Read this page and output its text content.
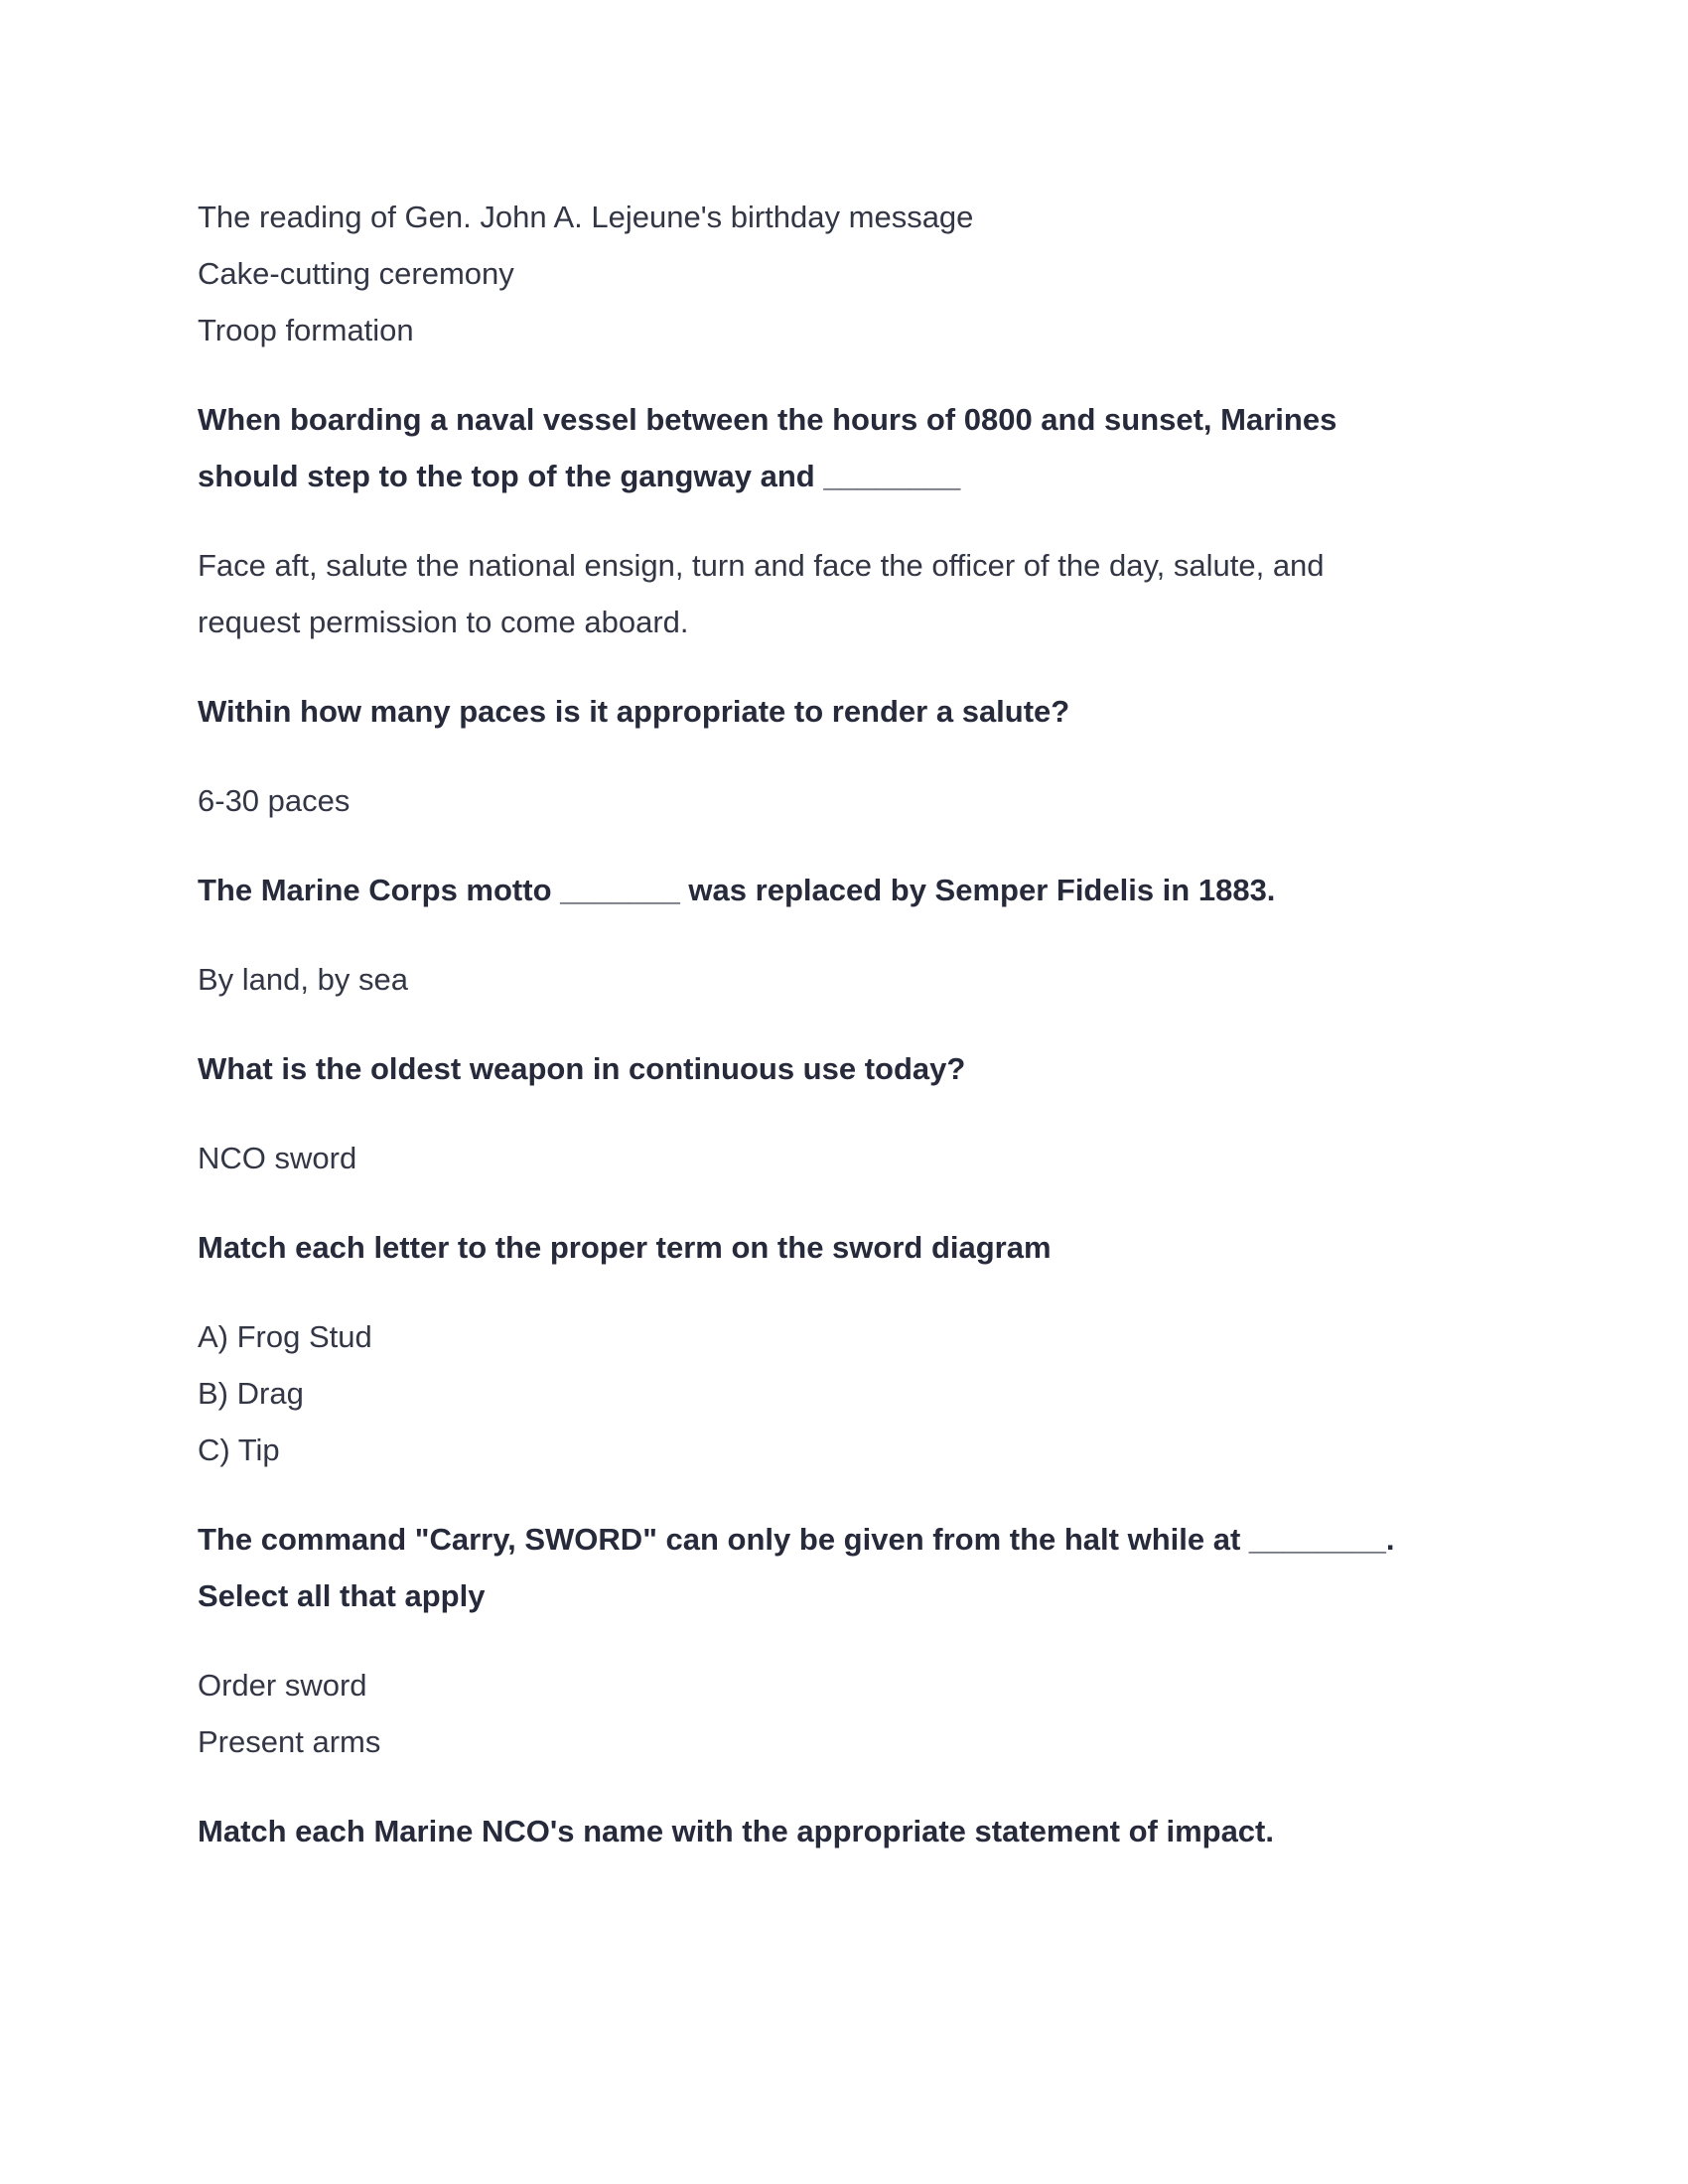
The reading of Gen. John A. Lejeune's birthday message
Cake-cutting ceremony
Troop formation
When boarding a naval vessel between the hours of 0800 and sunset, Marines
should step to the top of the gangway and ________
Face aft, salute the national ensign, turn and face the officer of the day, salute, and
request permission to come aboard.
Within how many paces is it appropriate to render a salute?
6-30 paces
The Marine Corps motto _______ was replaced by Semper Fidelis in 1883.
By land, by sea
What is the oldest weapon in continuous use today?
NCO sword
Match each letter to the proper term on the sword diagram
A) Frog Stud
B) Drag
C) Tip
The command "Carry, SWORD" can only be given from the halt while at ________.
Select all that apply
Order sword
Present arms
Match each Marine NCO's name with the appropriate statement of impact.
